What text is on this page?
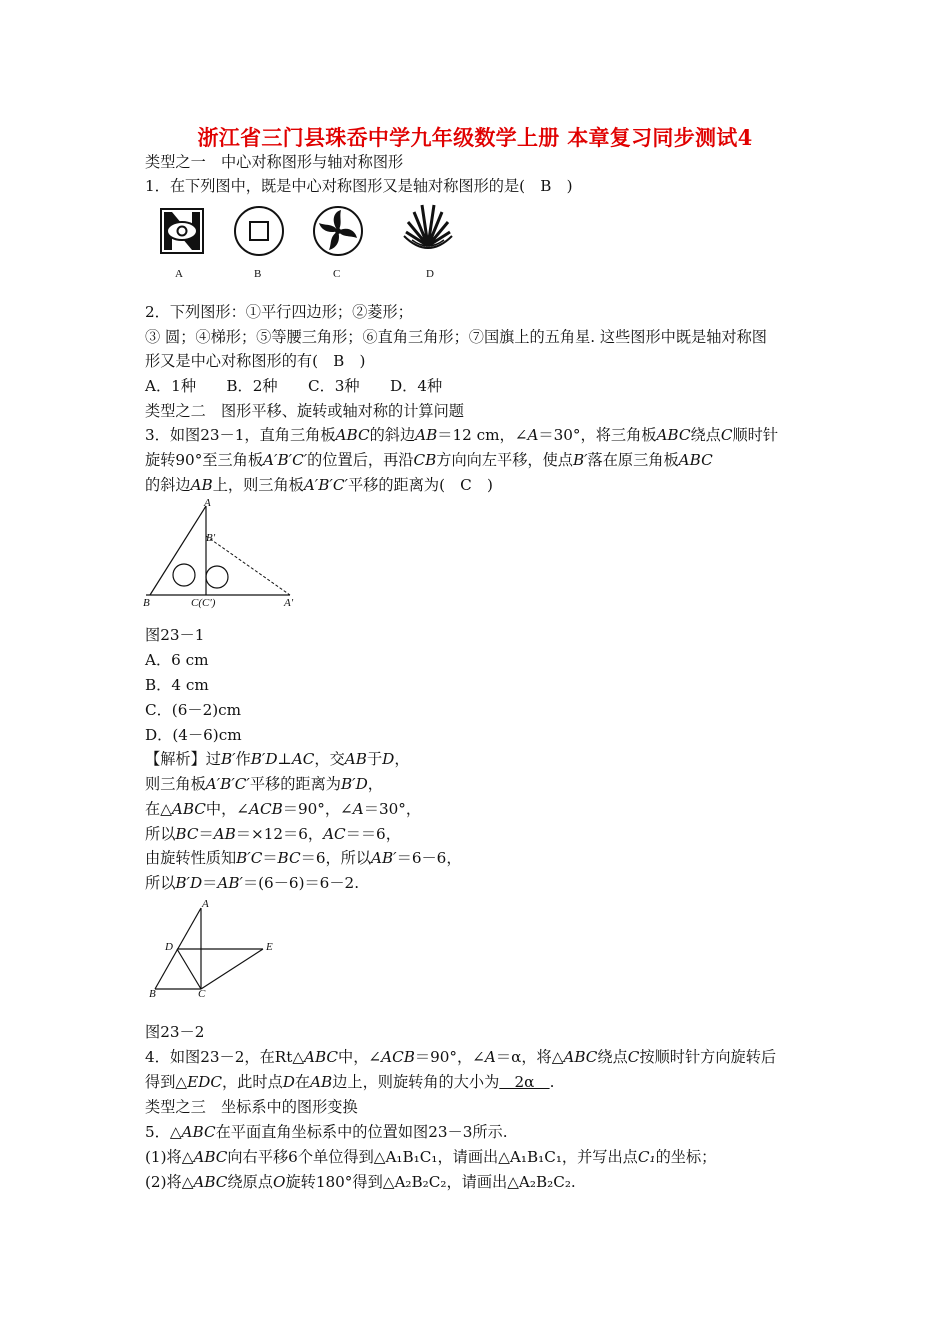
浙江省三门县珠岙中学九年级数学上册 本章复习同步测试4
类型之一　中心对称图形与轴对称图形
1．在下列图中，既是中心对称图形又是轴对称图形的是(　B　)
A	B	C	D
2．下列图形：①平行四边形；②菱形；
③ 圆；④梯形；⑤等腰三角形；⑥直角三角形；⑦国旗上的五角星. 这些图形中既是轴对称图
形又是中心对称图形的有(　B　)
A．1种　　B．2种　　C．3种　　D．4种
类型之二　图形平移、旋转或轴对称的计算问题
3．如图23－1，直角三角板ABC的斜边AB＝12 cm，∠A＝30°，将三角板ABC绕点C顺时针
旋转90°至三角板A′B′C′的位置后，再沿CB方向向左平移，使点B′落在原三角板ABC
的斜边AB上，则三角板A′B′C′平移的距离为(　C　)
A
B′
B	C(C′)	A′
图23－1
A．6 cm
B．4 cm
C．(6－2)cm
D．(4－6)cm
【解析】过B′作B′D⊥AC，交AB于D，
则三角板A′B′C′平移的距离为B′D，
在△ABC中，∠ACB＝90°，∠A＝30°，
所以BC＝AB＝×12＝6，AC＝＝6，
由旋转性质知B′C＝BC＝6，所以AB′＝6－6，
所以B′D＝AB′＝(6－6)＝6－2.
A
D	E
B	C
图23－2
4．如图23－2，在Rt△ABC中，∠ACB＝90°，∠A＝α，将△ABC绕点C按顺时针方向旋转后
得到△EDC，此时点D在AB边上，则旋转角的大小为　2α　.
类型之三　坐标系中的图形变换
5．△ABC在平面直角坐标系中的位置如图23－3所示.
(1)将△ABC向右平移6个单位得到△A₁B₁C₁，请画出△A₁B₁C₁，并写出点C₁的坐标；
(2)将△ABC绕原点O旋转180°得到△A₂B₂C₂，请画出△A₂B₂C₂.
